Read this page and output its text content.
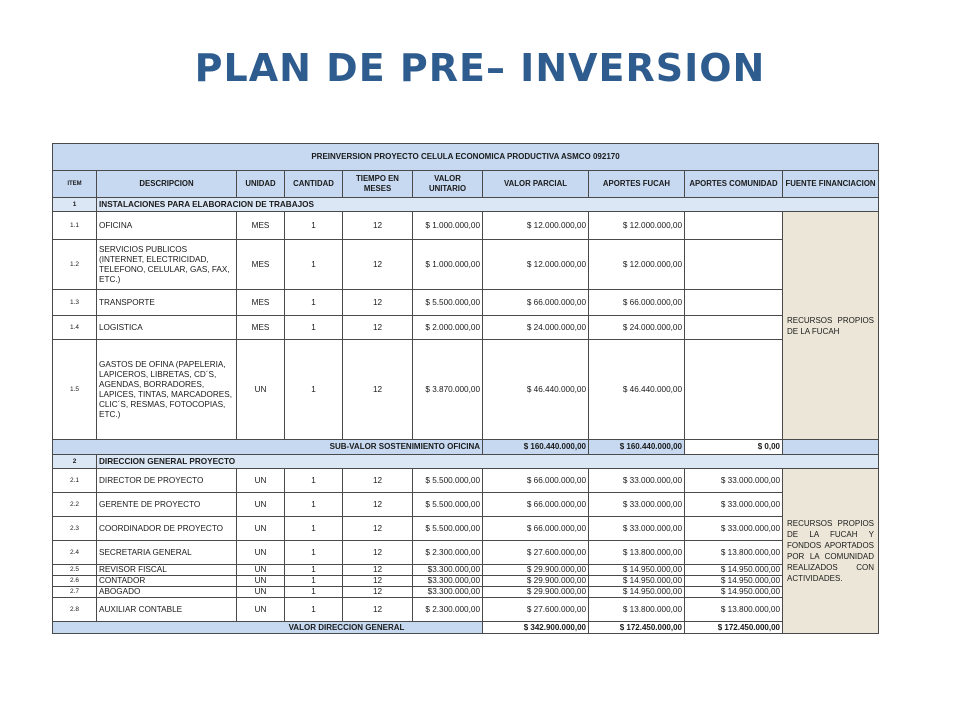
PLAN DE PRE– INVERSION
PREINVERSION PROYECTO CELULA ECONOMICA PRODUCTIVA ASMCO 092170									
ITEM	DESCRIPCION	UNIDAD	CANTIDAD	TIEMPO EN MESES	VALOR UNITARIO	VALOR PARCIAL	APORTES FUCAH	APORTES COMUNIDAD	FUENTE FINANCIACION
1	INSTALACIONES PARA ELABORACION DE TRABAJOS								
1.1	OFICINA	MES	1	12	$ 1.000.000,00	$ 12.000.000,00	$ 12.000.000,00		RECURSOS PROPIOS DE LA FUCAH
1.2	SERVICIOS PUBLICOS (INTERNET, ELECTRICIDAD, TELEFONO, CELULAR, GAS, FAX, ETC.)	MES	1	12	$ 1.000.000,00	$ 12.000.000,00	$ 12.000.000,00		
1.3	TRANSPORTE	MES	1	12	$ 5.500.000,00	$ 66.000.000,00	$ 66.000.000,00		
1.4	LOGISTICA	MES	1	12	$ 2.000.000,00	$ 24.000.000,00	$ 24.000.000,00		
1.5	GASTOS DE OFINA (PAPELERIA, LAPICEROS, LIBRETAS, CD´S, AGENDAS, BORRADORES, LAPICES, TINTAS, MARCADORES, CLIC´S, RESMAS, FOTOCOPIAS, ETC.)	UN	1	12	$ 3.870.000,00	$ 46.440.000,00	$ 46.440.000,00		
SUB-VALOR SOSTENIMIENTO OFICINA						$ 160.440.000,00	$ 160.440.000,00	$ 0,00	
2	DIRECCION GENERAL PROYECTO								
2.1	DIRECTOR DE PROYECTO	UN	1	12	$ 5.500.000,00	$ 66.000.000,00	$ 33.000.000,00	$ 33.000.000,00	RECURSOS PROPIOS DE LA FUCAH Y FONDOS APORTADOS POR LA COMUNIDAD REALIZADOS CON ACTIVIDADES.
2.2	GERENTE DE PROYECTO	UN	1	12	$ 5.500.000,00	$ 66.000.000,00	$ 33.000.000,00	$ 33.000.000,00	
2.3	COORDINADOR DE PROYECTO	UN	1	12	$ 5.500.000,00	$ 66.000.000,00	$ 33.000.000,00	$ 33.000.000,00	
2.4	SECRETARIA GENERAL	UN	1	12	$ 2.300.000,00	$ 27.600.000,00	$ 13.800.000,00	$ 13.800.000,00	
2.5	REVISOR FISCAL	UN	1	12	$3.300.000,00	$ 29.900.000,00	$ 14.950.000,00	$ 14.950.000,00	
2.6	CONTADOR	UN	1	12	$3.300.000,00	$ 29.900.000,00	$ 14.950.000,00	$ 14.950.000,00	
2.7	ABOGADO	UN	1	12	$3.300.000,00	$ 29.900.000,00	$ 14.950.000,00	$ 14.950.000,00	
2.8	AUXILIAR CONTABLE	UN	1	12	$ 2.300.000,00	$ 27.600.000,00	$ 13.800.000,00	$ 13.800.000,00	
VALOR DIRECCION GENERAL						$ 342.900.000,00	$ 172.450.000,00	$ 172.450.000,00	
